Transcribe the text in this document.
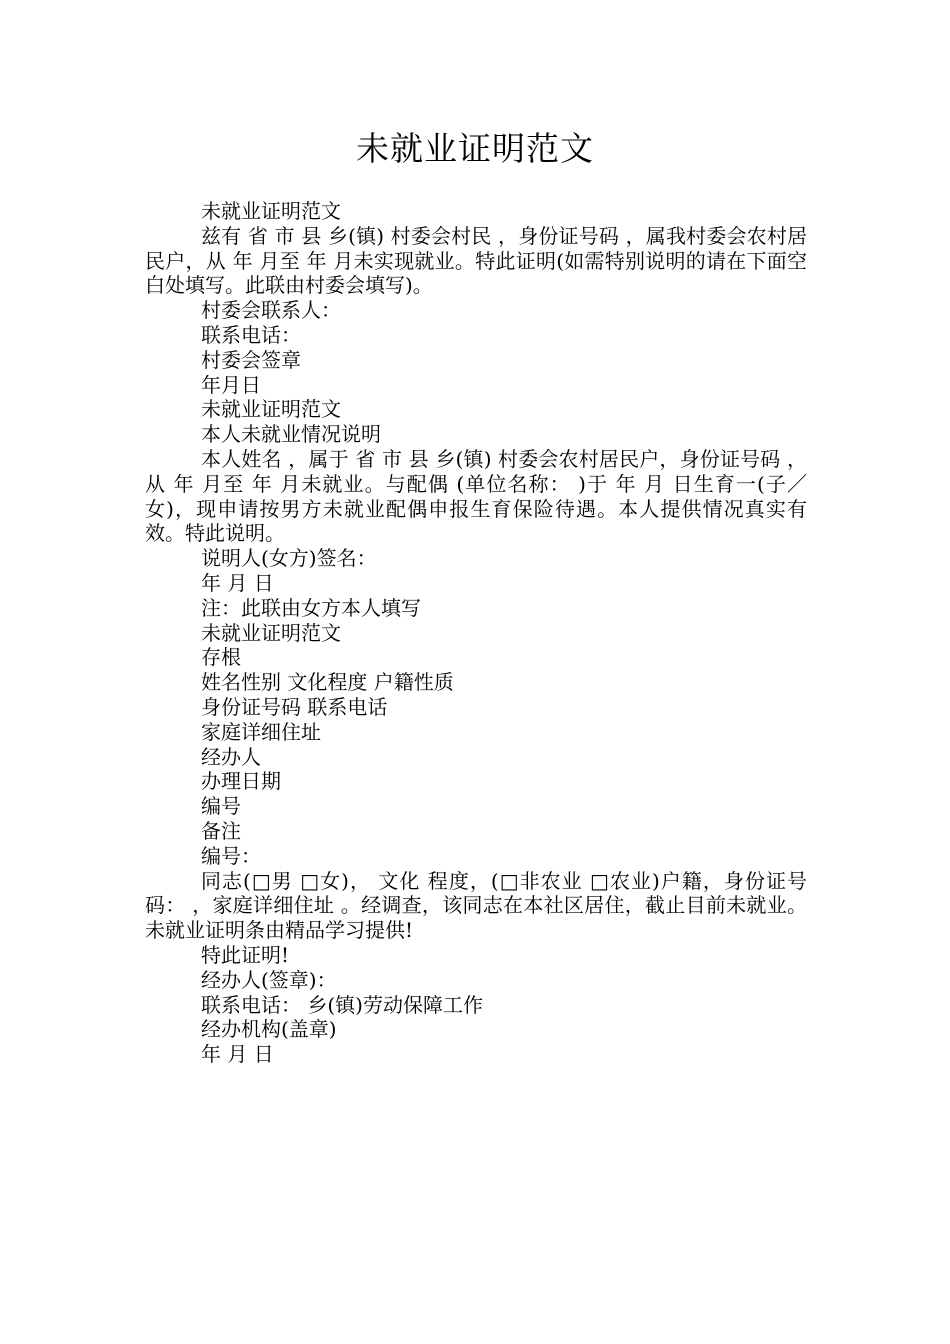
未就业证明范文

未就业证明范文

兹有 省 市 县 乡(镇) 村委会村民 ，身份证号码 ，属我村委会农村居民户，从 年 月至 年 月未实现就业。特此证明(如需特别说明的请在下面空白处填写。此联由村委会填写)。

村委会联系人：

联系电话：

村委会签章

年月日

未就业证明范文

本人未就业情况说明

本人姓名 ，属于 省 市 县 乡(镇) 村委会农村居民户，身份证号码 ，从 年 月至 年 月未就业。与配偶 (单位名称： )于 年 月 日生育一(子／女)，现申请按男方未就业配偶申报生育保险待遇。本人提供情况真实有效。特此说明。

说明人(女方)签名：

年 月 日

注：此联由女方本人填写

未就业证明范文

存根

姓名性别 文化程度 户籍性质

身份证号码 联系电话

家庭详细住址

经办人

办理日期

编号

备注

编号：

同志(□男 □女)， 文化 程度，(□非农业 □农业)户籍，身份证号码： ，家庭详细住址 。经调查，该同志在本社区居住，截止目前未就业。未就业证明条由精品学习提供!

特此证明!

经办人(签章)：

联系电话： 乡(镇)劳动保障工作

经办机构(盖章)

年 月 日
